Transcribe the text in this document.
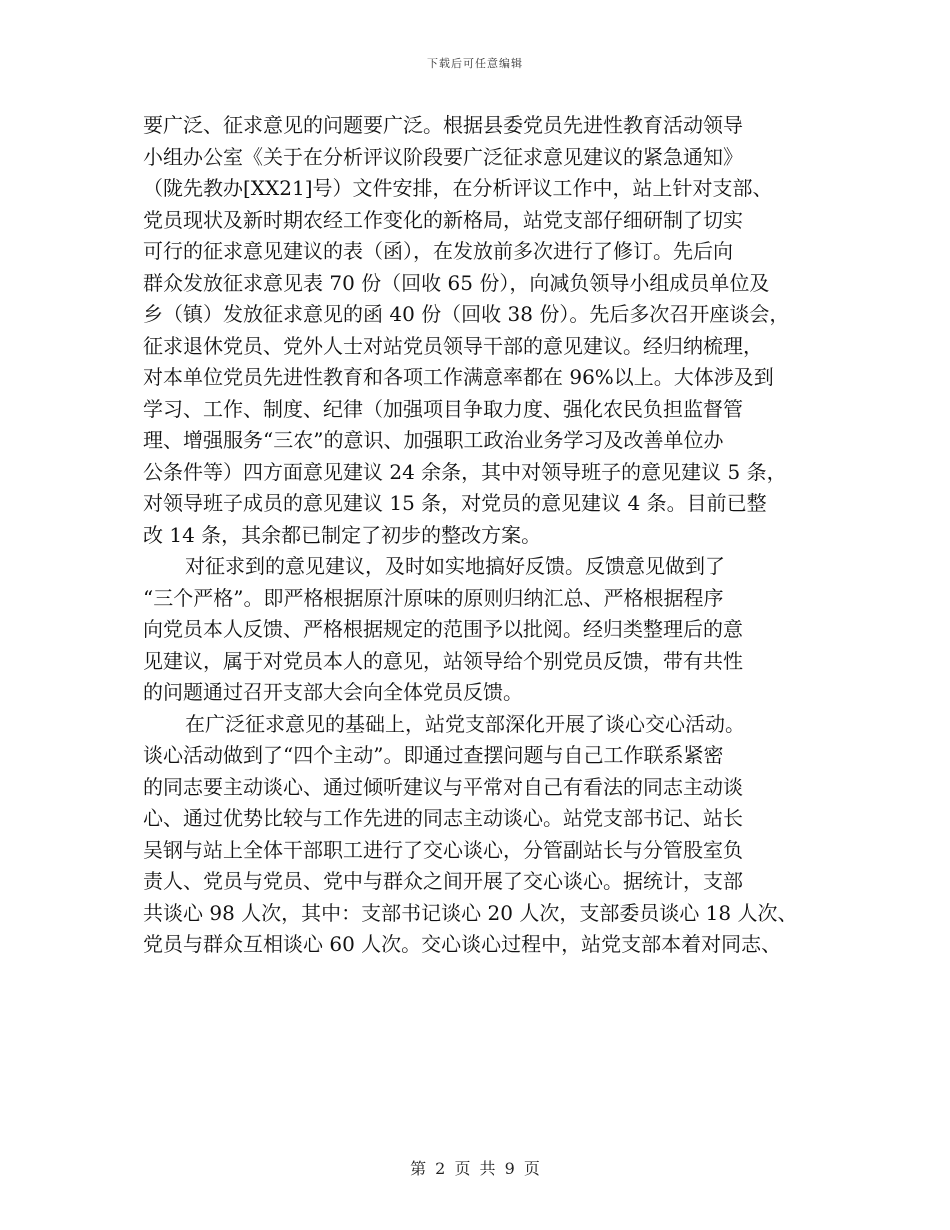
下载后可任意编辑
要广泛、征求意见的问题要广泛。根据县委党员先进性教育活动领导
小组办公室《关于在分析评议阶段要广泛征求意见建议的紧急通知》
（陇先教办[XX21]号）文件安排，在分析评议工作中，站上针对支部、
党员现状及新时期农经工作变化的新格局，站党支部仔细研制了切实
可行的征求意见建议的表（函），在发放前多次进行了修订。先后向
群众发放征求意见表 70 份（回收 65 份），向减负领导小组成员单位及
乡（镇）发放征求意见的函 40 份（回收 38 份）。先后多次召开座谈会，
征求退休党员、党外人士对站党员领导干部的意见建议。经归纳梳理，
对本单位党员先进性教育和各项工作满意率都在 96%以上。大体涉及到
学习、工作、制度、纪律（加强项目争取力度、强化农民负担监督管
理、增强服务“三农”的意识、加强职工政治业务学习及改善单位办
公条件等）四方面意见建议 24 余条，其中对领导班子的意见建议 5 条，
对领导班子成员的意见建议 15 条，对党员的意见建议 4 条。目前已整
改 14 条，其余都已制定了初步的整改方案。
对征求到的意见建议，及时如实地搞好反馈。反馈意见做到了
“三个严格”。即严格根据原汁原味的原则归纳汇总、严格根据程序
向党员本人反馈、严格根据规定的范围予以批阅。经归类整理后的意
见建议，属于对党员本人的意见，站领导给个别党员反馈，带有共性
的问题通过召开支部大会向全体党员反馈。
在广泛征求意见的基础上，站党支部深化开展了谈心交心活动。
谈心活动做到了“四个主动”。即通过查摆问题与自己工作联系紧密
的同志要主动谈心、通过倾听建议与平常对自己有看法的同志主动谈
心、通过优势比较与工作先进的同志主动谈心。站党支部书记、站长
吴钢与站上全体干部职工进行了交心谈心，分管副站长与分管股室负
责人、党员与党员、党中与群众之间开展了交心谈心。据统计，支部
共谈心 98 人次，其中：支部书记谈心 20 人次，支部委员谈心 18 人次、
党员与群众互相谈心 60 人次。交心谈心过程中，站党支部本着对同志、
第 2 页 共 9 页
